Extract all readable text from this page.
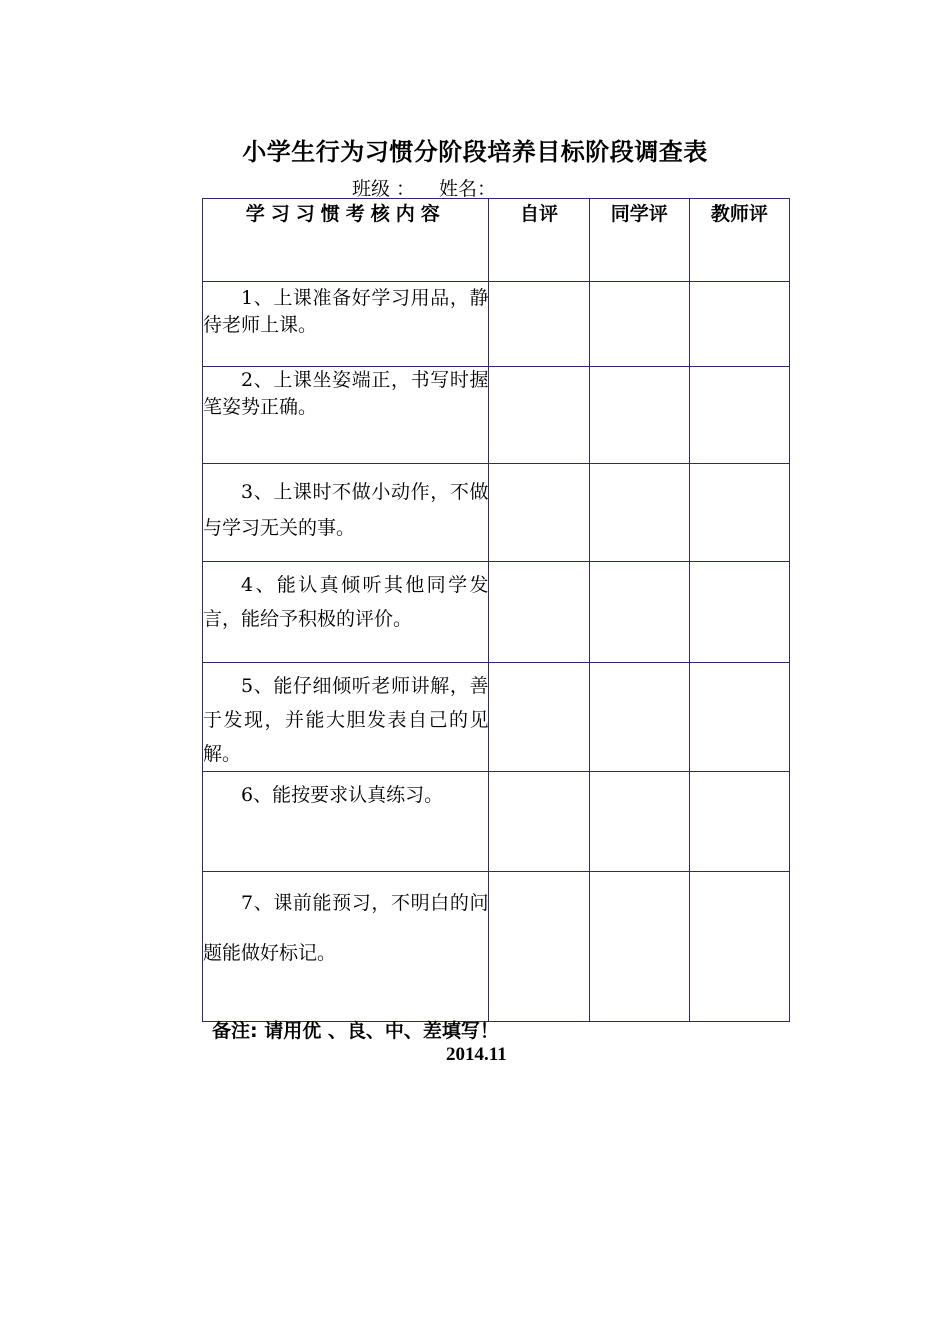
小学生行为习惯分阶段培养目标阶段调查表
班级 ： 姓名：
学习习惯考核内容	自评	同学评	教师评
1、上课准备好学习用品，静待老师上课。			
2、上课坐姿端正，书写时握笔姿势正确。			
3、上课时不做小动作，不做与学习无关的事。			
4、能认真倾听其他同学发言，能给予积极的评价。			
5、能仔细倾听老师讲解，善于发现，并能大胆发表自己的见解。			
6、能按要求认真练习。			
7、课前能预习，不明白的问题能做好标记。			
备注: 请用优 、良、中、差填写！
2014.11
